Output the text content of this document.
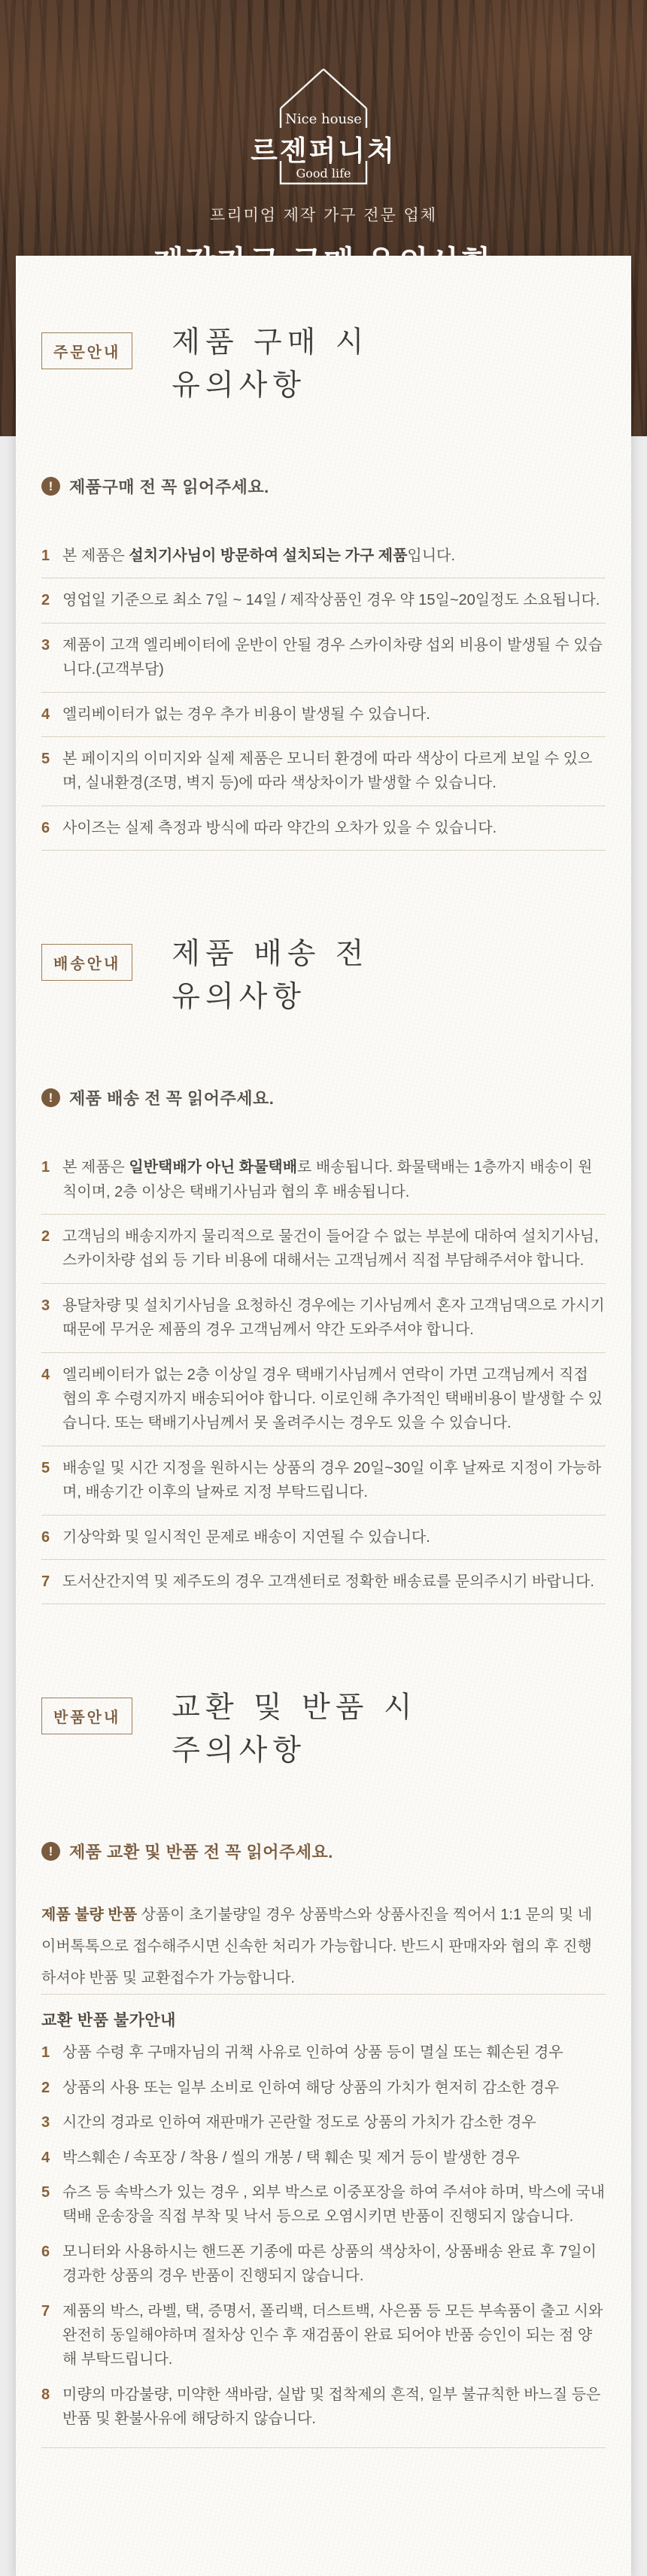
Nice house
Good life
르젠퍼니처
프리미엄 제작 가구 전문 업체
주문안내	제품 구매 시
유의사항
! 제품구매 전 꼭 읽어주세요.
1 본 제품은 설치기사님이 방문하여 설치되는 가구 제품입니다.
2 영업일 기준으로 최소 7일 ~ 14일 / 제작상품인 경우 약 15일~20일정도 소요됩니다.
3 제품이 고객 엘리베이터에 운반이 안될 경우 스카이차량 섭외 비용이 발생될 수 있습니다.(고객부담)
4 엘리베이터가 없는 경우 추가 비용이 발생될 수 있습니다.
5 본 페이지의 이미지와 실제 제품은 모니터 환경에 따라 색상이 다르게 보일 수 있으며, 실내환경(조명, 벽지 등)에 따라 색상차이가 발생할 수 있습니다.
6 사이즈는 실제 측정과 방식에 따라 약간의 오차가 있을 수 있습니다.
배송안내	제품 배송 전
유의사항
! 제품 배송 전 꼭 읽어주세요.
1 본 제품은 일반택배가 아닌 화물택배로 배송됩니다. 화물택배는 1층까지 배송이 원칙이며, 2층 이상은 택배기사님과 협의 후 배송됩니다.
2 고객님의 배송지까지 물리적으로 물건이 들어갈 수 없는 부분에 대하여 설치기사님, 스카이차량 섭외 등 기타 비용에 대해서는 고객님께서 직접 부담해주셔야 합니다.
3 용달차량 및 설치기사님을 요청하신 경우에는 기사님께서 혼자 고객님댁으로 가시기 때문에 무거운 제품의 경우 고객님께서 약간 도와주셔야 합니다.
4 엘리베이터가 없는 2층 이상일 경우 택배기사님께서 연락이 가면 고객님께서 직접 협의 후 수령지까지 배송되어야 합니다. 이로인해 추가적인 택배비용이 발생할 수 있습니다. 또는 택배기사님께서 못 올려주시는 경우도 있을 수 있습니다.
5 배송일 및 시간 지정을 원하시는 상품의 경우 20일~30일 이후 날짜로 지정이 가능하며, 배송기간 이후의 날짜로 지정 부탁드립니다.
6 기상악화 및 일시적인 문제로 배송이 지연될 수 있습니다.
7 도서산간지역 및 제주도의 경우 고객센터로 정확한 배송료를 문의주시기 바랍니다.
반품안내	교환 및 반품 시
주의사항
! 제품 교환 및 반품 전 꼭 읽어주세요.
제품 불량 반품 상품이 초기불량일 경우 상품박스와 상품사진을 찍어서 1:1 문의 및 네이버톡톡으로 접수해주시면 신속한 처리가 가능합니다. 반드시 판매자와 협의 후 진행하셔야 반품 및 교환접수가 가능합니다.
교환 반품 불가안내
1 상품 수령 후 구매자님의 귀책 사유로 인하여 상품 등이 멸실 또는 훼손된 경우
2 상품의 사용 또는 일부 소비로 인하여 해당 상품의 가치가 현저히 감소한 경우
3 시간의 경과로 인하여 재판매가 곤란할 정도로 상품의 가치가 감소한 경우
4 박스훼손 / 속포장 / 착용 / 씰의 개봉 / 택 훼손 및 제거 등이 발생한 경우
5 슈즈 등 속박스가 있는 경우 , 외부 박스로 이중포장을 하여 주셔야 하며, 박스에 국내 택배 운송장을 직접 부착 및 낙서 등으로 오염시키면 반품이 진행되지 않습니다.
6 모니터와 사용하시는 핸드폰 기종에 따른 상품의 색상차이, 상품배송 완료 후 7일이 경과한 상품의 경우 반품이 진행되지 않습니다.
7 제품의 박스, 라벨, 택, 증명서, 폴리백, 더스트백, 사은품 등 모든 부속품이 출고 시와 완전히 동일해야하며 절차상 인수 후 재검품이 완료 되어야 반품 승인이 되는 점 양해 부탁드립니다.
8 미량의 마감불량, 미약한 색바람, 실밥 및 접착제의 흔적, 일부 불규칙한 바느질 등은 반품 및 환불사유에 해당하지 않습니다.
